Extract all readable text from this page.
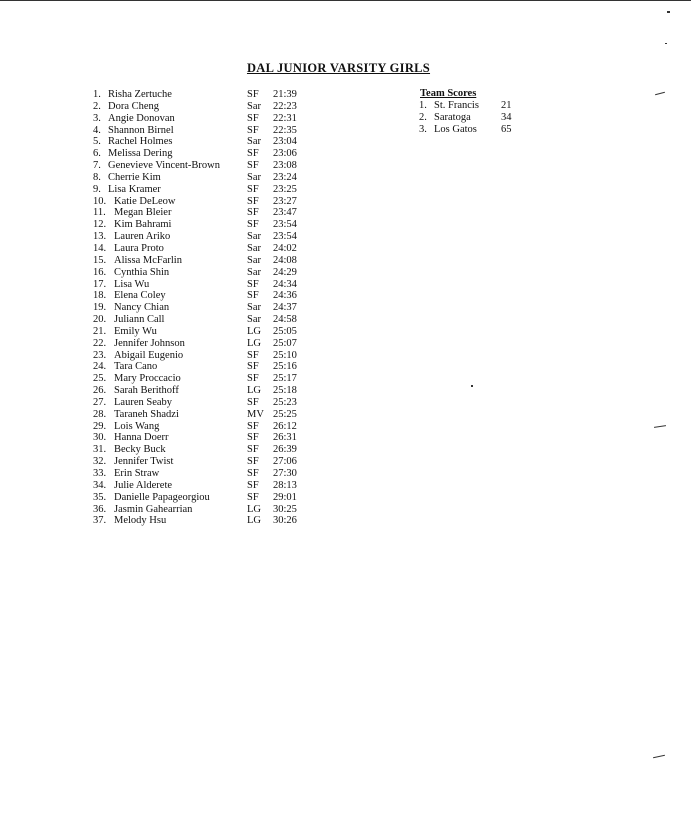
DAL JUNIOR VARSITY GIRLS
1. Risha Zertuche	SF 21:39
2. Dora Cheng	Sar 22:23
3. Angie Donovan	SF 22:31
4. Shannon Birnel	SF 22:35
5. Rachel Holmes	Sar 23:04
6. Melissa Dering	SF 23:06
7. Genevieve Vincent-Brown	SF 23:08
8. Cherrie Kim	Sar 23:24
9. Lisa Kramer	SF 23:25
10. Katie DeLeow	SF 23:27
11. Megan Bleier	SF 23:47
12. Kim Bahrami	SF 23:54
13. Lauren Ariko	Sar 23:54
14. Laura Proto	Sar 24:02
15. Alissa McFarlin	Sar 24:08
16. Cynthia Shin	Sar 24:29
17. Lisa Wu	SF 24:34
18. Elena Coley	SF 24:36
19. Nancy Chian	Sar 24:37
20. Juliann Call	Sar 24:58
21. Emily Wu	LG 25:05
22. Jennifer Johnson	LG 25:07
23. Abigail Eugenio	SF 25:10
24. Tara Cano	SF 25:16
25. Mary Proccacio	SF 25:17
26. Sarah Berithoff	LG 25:18
27. Lauren Seaby	SF 25:23
28. Taraneh Shadzi	MV 25:25
29. Lois Wang	SF 26:12
30. Hanna Doerr	SF 26:31
31. Becky Buck	SF 26:39
32. Jennifer Twist	SF 27:06
33. Erin Straw	SF 27:30
34. Julie Alderete	SF 28:13
35. Danielle Papageorgiou	SF 29:01
36. Jasmin Gahearrian	LG 30:25
37. Melody Hsu	LG 30:26
Team Scores
1. St. Francis 21
2. Saratoga	34
3. Los Gatos 65
